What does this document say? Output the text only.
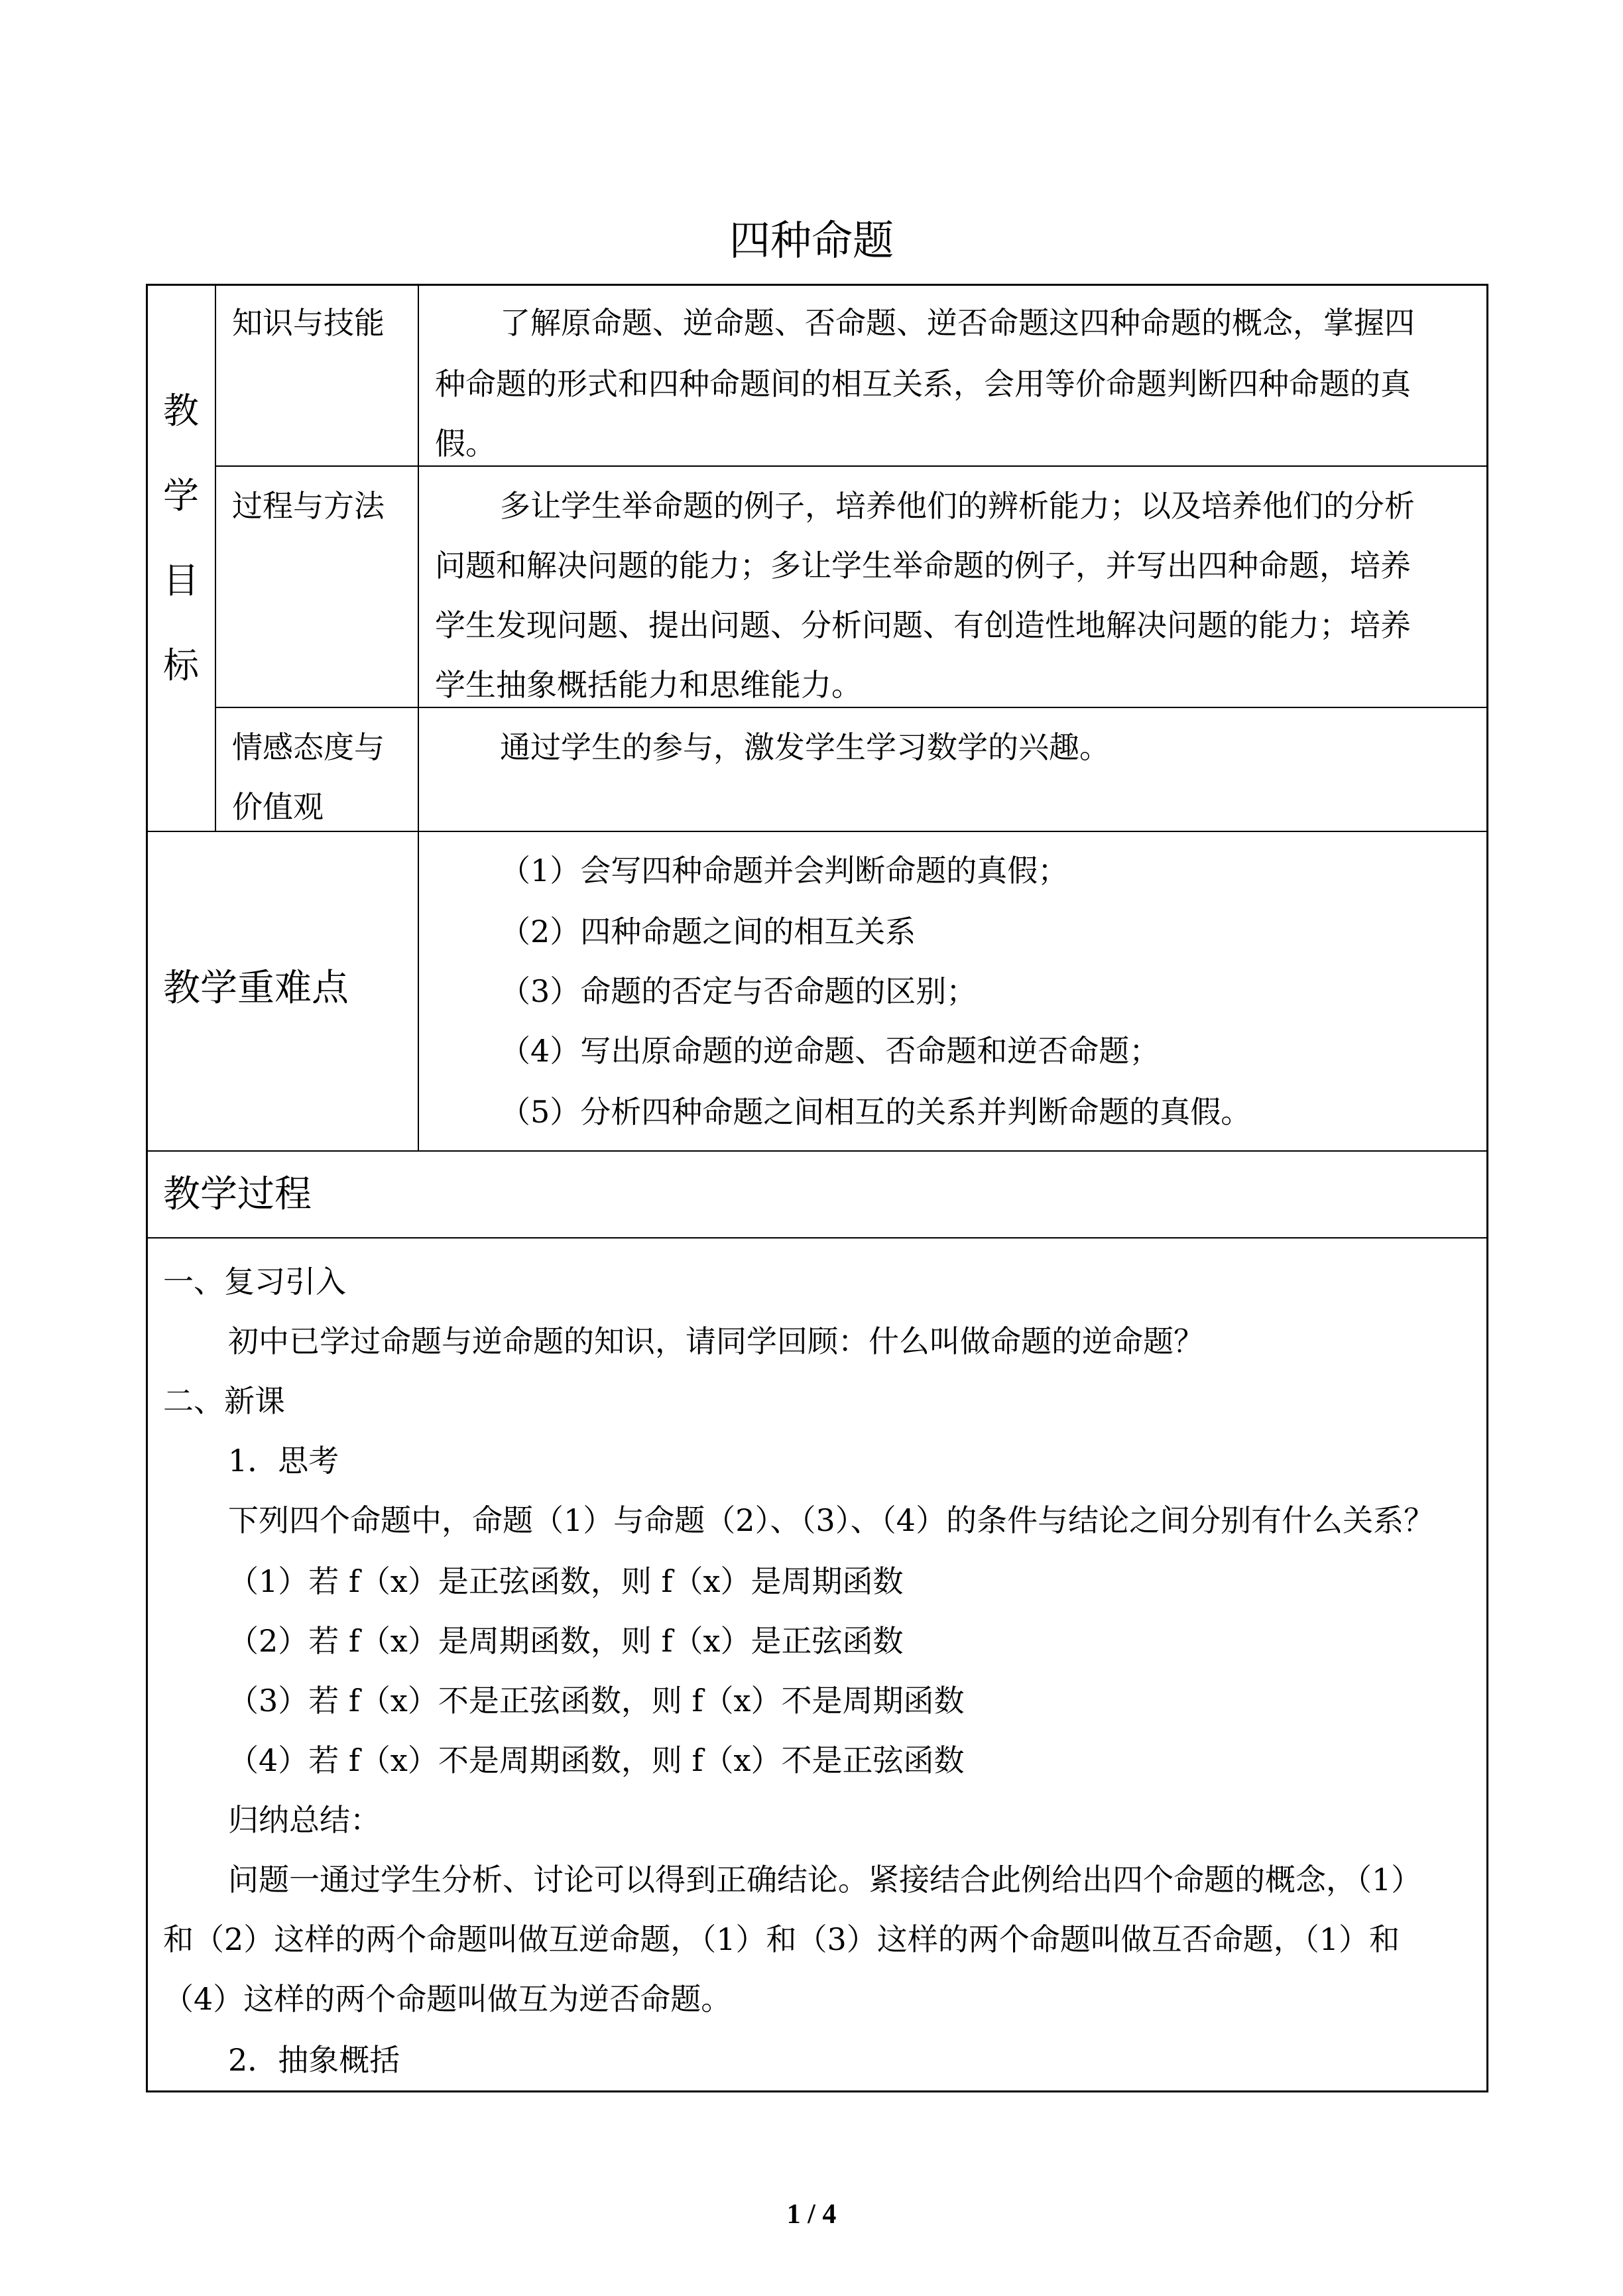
四种命题
教
学
目
标
知识与技能	了解原命题、逆命题、否命题、逆否命题这四种命题的概念，掌握四
种命题的形式和四种命题间的相互关系，会用等价命题判断四种命题的真
假。
过程与方法	多让学生举命题的例子，培养他们的辨析能力；以及培养他们的分析
问题和解决问题的能力；多让学生举命题的例子，并写出四种命题，培养
学生发现问题、提出问题、分析问题、有创造性地解决问题的能力；培养
学生抽象概括能力和思维能力。
情感态度与
价值观
通过学生的参与，激发学生学习数学的兴趣。
教学重难点
（1）会写四种命题并会判断命题的真假；
（2）四种命题之间的相互关系
（3）命题的否定与否命题的区别；
（4）写出原命题的逆命题、否命题和逆否命题；
（5）分析四种命题之间相互的关系并判断命题的真假。
教学过程
一、复习引入
初中已学过命题与逆命题的知识，请同学回顾：什么叫做命题的逆命题？
二、新课
1．思考
下列四个命题中，命题（1）与命题（2）、（3）、（4）的条件与结论之间分别有什么关系？
（1）若 f（x）是正弦函数，则 f（x）是周期函数
（2）若 f（x）是周期函数，则 f（x）是正弦函数
（3）若 f（x）不是正弦函数，则 f（x）不是周期函数
（4）若 f（x）不是周期函数，则 f（x）不是正弦函数
归纳总结：
问题一通过学生分析、讨论可以得到正确结论。紧接结合此例给出四个命题的概念，（1）
和（2）这样的两个命题叫做互逆命题，（1）和（3）这样的两个命题叫做互否命题，（1）和
（4）这样的两个命题叫做互为逆否命题。
2．抽象概括
1 / 4
